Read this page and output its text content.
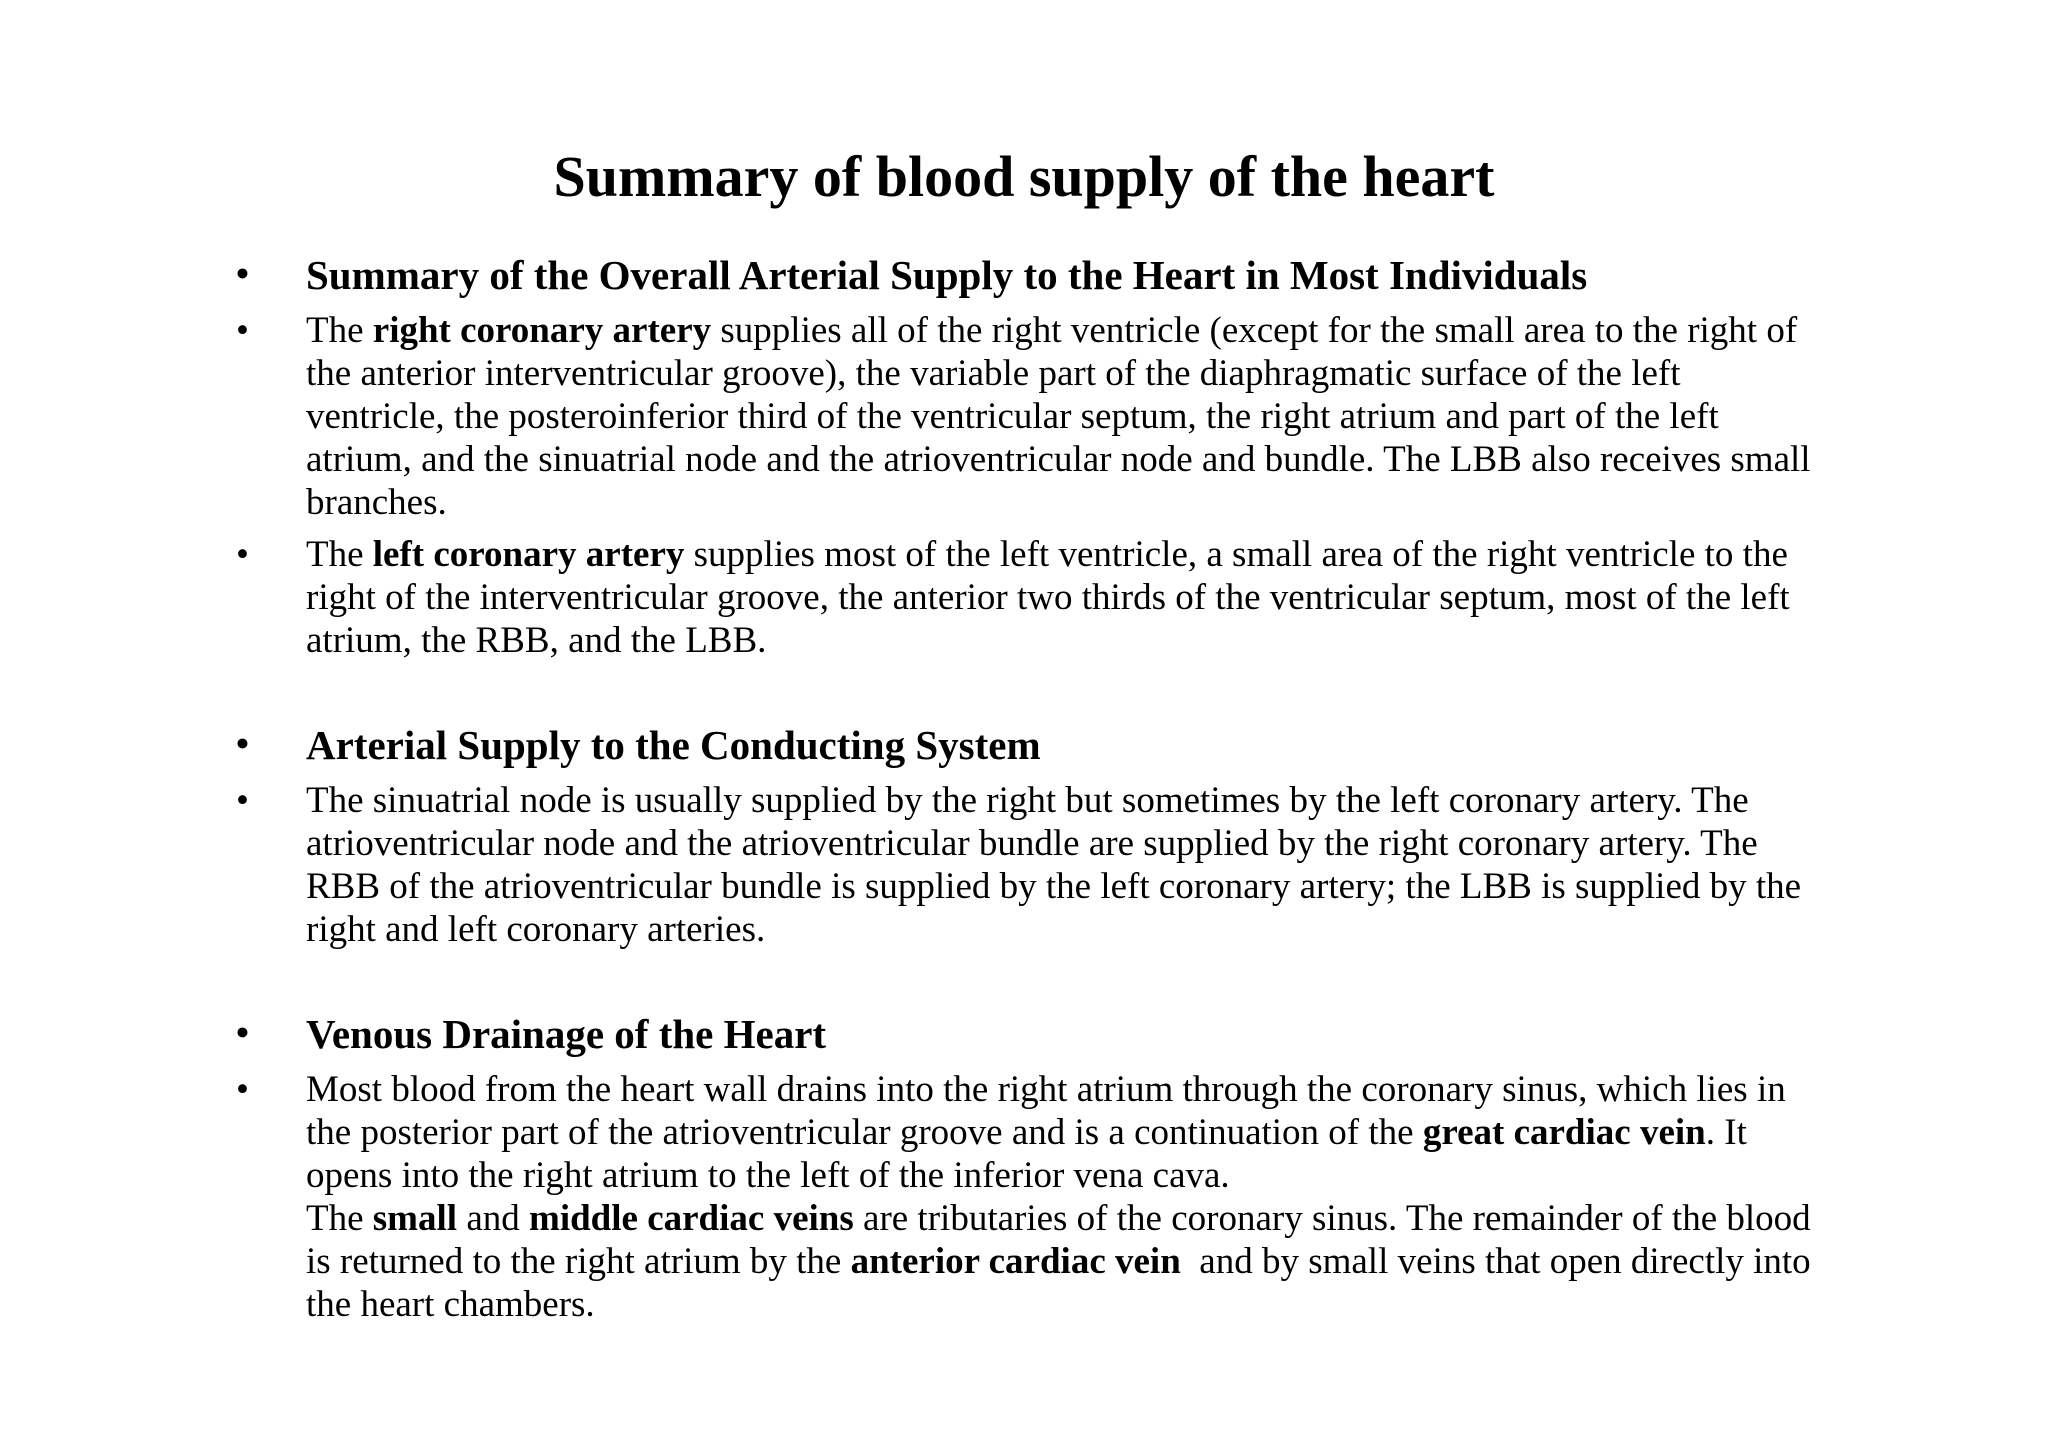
Summary of blood supply of the heart
• Summary of the Overall Arterial Supply to the Heart in Most Individuals
• The right coronary artery supplies all of the right ventricle (except for the small area to the right of the anterior interventricular groove), the variable part of the diaphragmatic surface of the left ventricle, the posteroinferior third of the ventricular septum, the right atrium and part of the left atrium, and the sinuatrial node and the atrioventricular node and bundle. The LBB also receives small branches.
• The left coronary artery supplies most of the left ventricle, a small area of the right ventricle to the right of the interventricular groove, the anterior two thirds of the ventricular septum, most of the left atrium, the RBB, and the LBB.
• Arterial Supply to the Conducting System
• The sinuatrial node is usually supplied by the right but sometimes by the left coronary artery. The atrioventricular node and the atrioventricular bundle are supplied by the right coronary artery. The RBB of the atrioventricular bundle is supplied by the left coronary artery; the LBB is supplied by the right and left coronary arteries.
• Venous Drainage of the Heart
• Most blood from the heart wall drains into the right atrium through the coronary sinus, which lies in the posterior part of the atrioventricular groove and is a continuation of the great cardiac vein. It opens into the right atrium to the left of the inferior vena cava.
The small and middle cardiac veins are tributaries of the coronary sinus. The remainder of the blood is returned to the right atrium by the anterior cardiac vein  and by small veins that open directly into the heart chambers.
